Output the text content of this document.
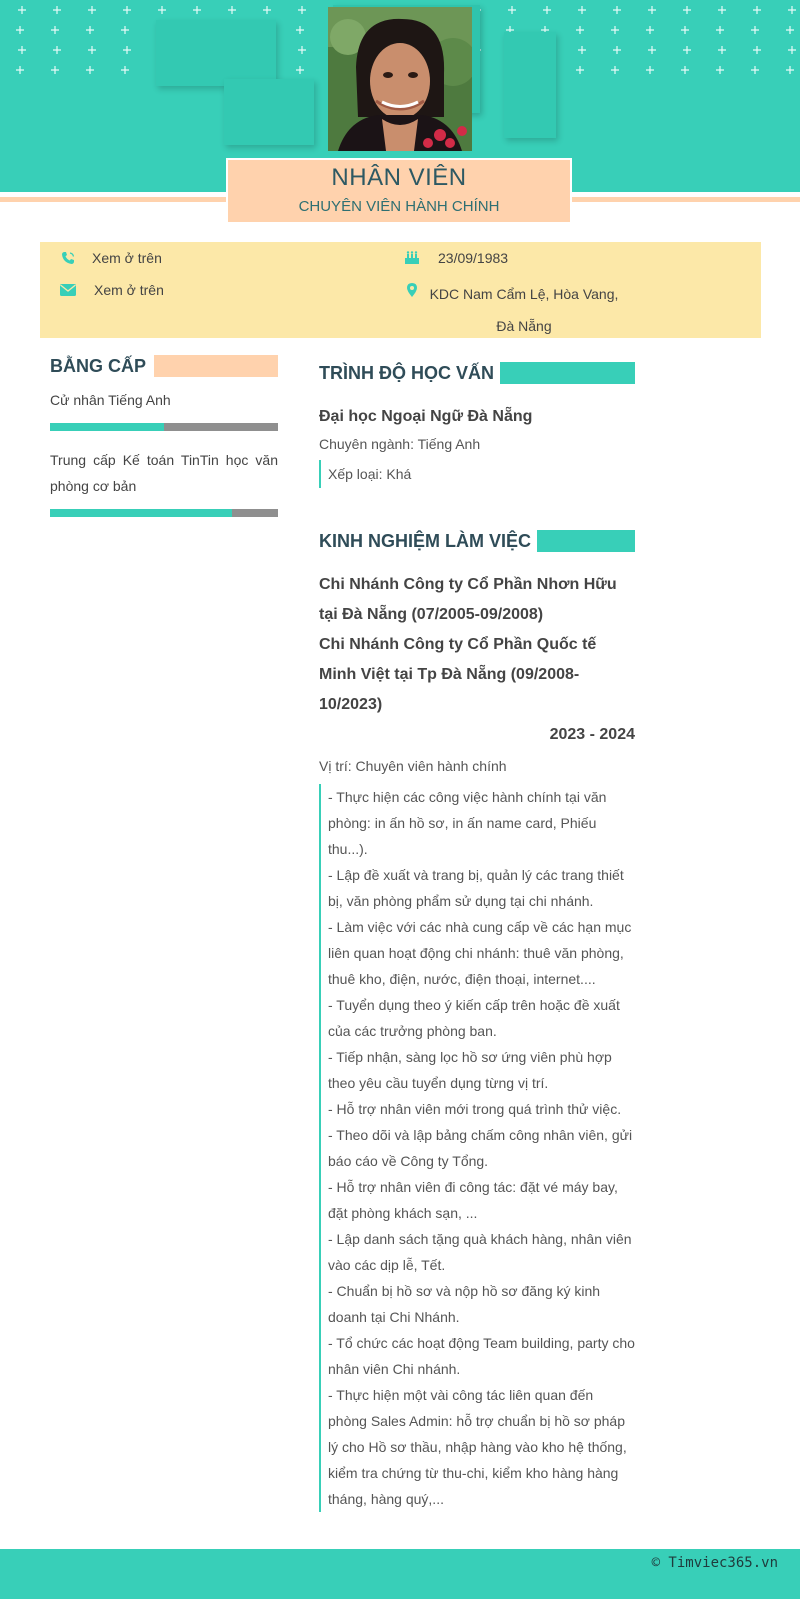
NHÂN VIÊN
CHUYÊN VIÊN HÀNH CHÍNH
Xem ở trên
Xem ở trên
23/09/1983
KDC Nam Cẩm Lệ, Hòa Vang, Đà Nẵng
BẰNG CẤP
Cử nhân Tiếng Anh
Trung cấp Kế toán TinTin học văn phòng cơ bản
TRÌNH ĐỘ HỌC VẤN
Đại học Ngoại Ngữ Đà Nẵng
Chuyên ngành: Tiếng Anh
Xếp loại: Khá
KINH NGHIỆM LÀM VIỆC
Chi Nhánh Công ty Cổ Phần Nhơn Hữu tại Đà Nẵng (07/2005-09/2008)
Chi Nhánh Công ty Cổ Phần Quốc tế Minh Việt tại Tp Đà Nẵng (09/2008-10/2023)
2023 - 2024
Vị trí: Chuyên viên hành chính
- Thực hiện các công việc hành chính tại văn phòng: in ấn hồ sơ, in ấn name card, Phiếu thu...).
- Lập đề xuất và trang bị, quản lý các trang thiết bị, văn phòng phẩm sử dụng tại chi nhánh.
- Làm việc với các nhà cung cấp về các hạn mục liên quan hoạt động chi nhánh: thuê văn phòng, thuê kho, điện, nước, điện thoại, internet....
- Tuyển dụng theo ý kiến cấp trên hoặc đề xuất của các trưởng phòng ban.
- Tiếp nhận, sàng lọc hồ sơ ứng viên phù hợp theo yêu cầu tuyển dụng từng vị trí.
- Hỗ trợ nhân viên mới trong quá trình thử việc.
- Theo dõi và lập bảng chấm công nhân viên, gửi báo cáo về Công ty Tổng.
- Hỗ trợ nhân viên đi công tác: đặt vé máy bay, đặt phòng khách sạn, ...
- Lập danh sách tặng quà khách hàng, nhân viên vào các dịp lễ, Tết.
- Chuẩn bị hồ sơ và nộp hồ sơ đăng ký kinh doanh tại Chi Nhánh.
- Tổ chức các hoạt động Team building, party cho nhân viên Chi nhánh.
- Thực hiện một vài công tác liên quan đến phòng Sales Admin: hỗ trợ chuẩn bị hồ sơ pháp lý cho Hồ sơ thầu, nhập hàng vào kho hệ thống, kiểm tra chứng từ thu-chi, kiểm kho hàng hàng tháng, hàng quý,...
© Timviec365.vn
